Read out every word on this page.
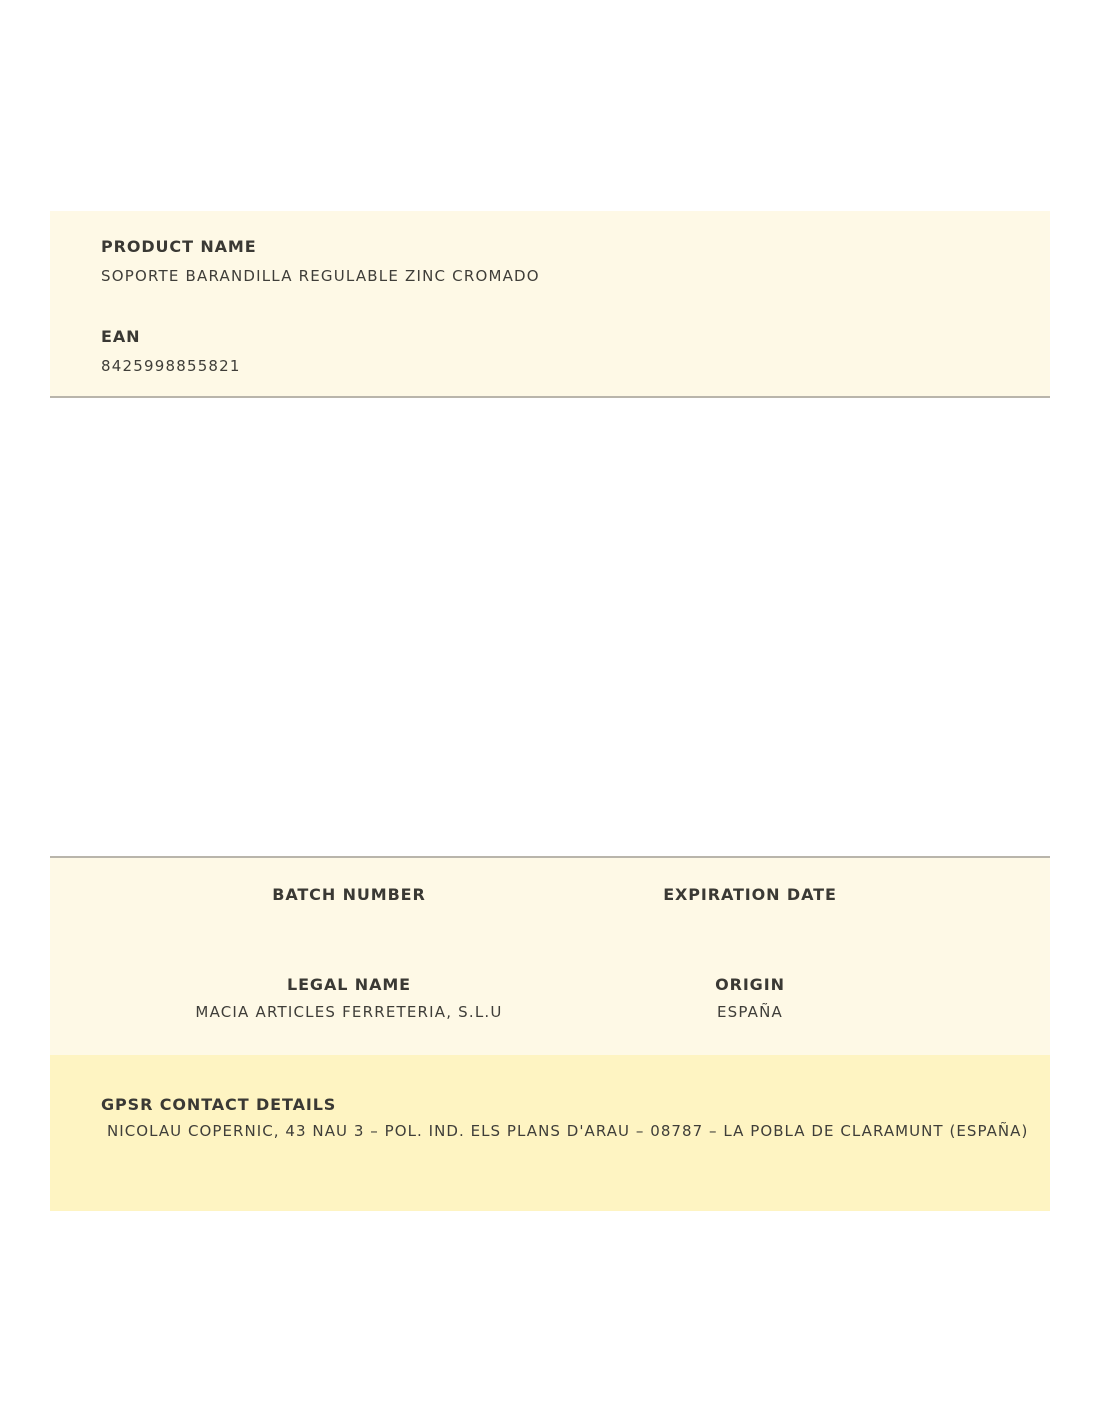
PRODUCT NAME
SOPORTE BARANDILLA REGULABLE ZINC CROMADO
EAN
8425998855821
BATCH NUMBER	EXPIRATION DATE
LEGAL NAME
MACIA ARTICLES FERRETERIA, S.L.U
ORIGIN
ESPAÑA
GPSR CONTACT DETAILS
NICOLAU COPERNIC, 43 NAU 3 – POL. IND. ELS PLANS D'ARAU – 08787 – LA POBLA DE CLARAMUNT (ESPAÑA)
